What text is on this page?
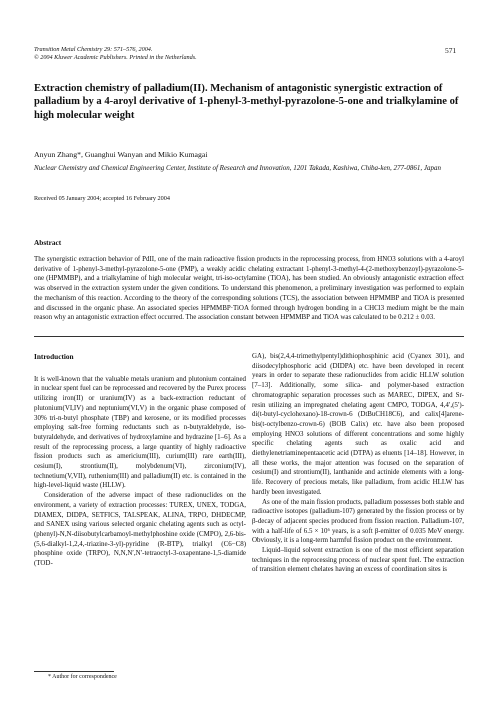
Transition Metal Chemistry 29: 571–576, 2004.
© 2004 Kluwer Academic Publishers. Printed in the Netherlands.
571
Extraction chemistry of palladium(II). Mechanism of antagonistic synergistic extraction of palladium by a 4-aroyl derivative of 1-phenyl-3-methyl-pyrazolone-5-one and trialkylamine of high molecular weight
Anyun Zhang*, Guanghui Wanyan and Mikio Kumagai
Nuclear Chemistry and Chemical Engineering Center, Institute of Research and Innovation, 1201 Takada, Kashiwa, Chiba-ken, 277-0861, Japan
Received 05 January 2004; accepted 16 February 2004
Abstract
The synergistic extraction behavior of PdII, one of the main radioactive fission products in the reprocessing process, from HNO3 solutions with a 4-aroyl derivative of 1-phenyl-3-methyl-pyrazolone-5-one (PMP), a weakly acidic chelating extractant 1-phenyl-3-methyl-4-(2-methoxybenzoyl)-pyrazolone-5-one (HPMMBP), and a trialkylamine of high molecular weight, tri-iso-octylamine (TiOA), has been studied. An obviously antagonistic extraction effect was observed in the extraction system under the given conditions. To understand this phenomenon, a preliminary investigation was performed to explain the mechanism of this reaction. According to the theory of the corresponding solutions (TCS), the association between HPMMBP and TiOA is presented and discussed in the organic phase. An associated species HPMMBP·TiOA formed through hydrogen bonding in a CHCl3 medium might be the main reason why an antagonistic extraction effect occurred. The association constant between HPMMBP and TiOA was calculated to be 0.212 ± 0.03.
Introduction

It is well-known that the valuable metals uranium and plutonium contained in nuclear spent fuel can be reprocessed and recovered by the Purex process utilizing iron(II) or uranium(IV) as a back-extraction reductant of plutonium(VI,IV) and neptunium(VI,V) in the organic phase composed of 30% tri-n-butyl phosphate (TBP) and kerosene, or its modified processes employing salt-free forming reductants such as n-butyraldehyde, iso-butyraldehyde, and derivatives of hydroxylamine and hydrazine [1–6]. As a result of the reprocessing process, a large quantity of highly radioactive fission products such as americium(III), curium(III) rare earth(III), cesium(I), strontium(II), molybdenum(VI), zirconium(IV), technetium(V,VII), ruthenium(III) and palladium(II) etc. is contained in the high-level-liquid waste (HLLW).

Consideration of the adverse impact of these radionuclides on the environment, a variety of extraction processes: TUREX, UNEX, TODGA, DIAMEX, DIDPA, SETFICS, TALSPEAK, ALINA, TRPO, DHDECMP, and SANEX using various selected organic chelating agents such as octyl-(phenyl)-N,N-diisobutylcarbamoyl-methylphoshine oxide (CMPO), 2,6-bis-(5,6-dialkyl-1,2,4,-triazine-3-yl)-pyridine (R-BTP), trialkyl (C6−C8) phosphine oxide (TRPO), N,N,N′,N′-tetraoctyl-3-oxapentane-1,5-diamide (TOD-

GA), bis(2,4,4-trimethylpentyl)dithiophosphinic acid (Cyanex 301), and diisodecylphosphoric acid (DIDPA) etc. have been developed in recent years in order to separate these radionuclides from acidic HLLW solution [7–13]. Additionally, some silica- and polymer-based extraction chromatographic separation processes such as MAREC, DIPEX, and Sr-resin utilizing an impregnated chelating agent CMPO, TODGA, 4,4′,(5′)-di(t-butyl-cyclohexano)-18-crown-6 (DtBuCH18C6), and calix[4]arene-bis(t-octylbenzo-crown-6) (BOB Calix) etc. have also been proposed employing HNO3 solutions of different concentrations and some highly specific chelating agents such as oxalic acid and diethylenetriaminepentaacetic acid (DTPA) as eluents [14–18]. However, in all these works, the major attention was focused on the separation of cesium(I) and strontium(II), lanthanide and actinide elements with a long-life. Recovery of precious metals, like palladium, from acidic HLLW has hardly been investigated.

As one of the main fission products, palladium possesses both stable and radioactive isotopes (palladium-107) generated by the fission process or by β-decay of adjacent species produced from fission reaction. Palladium-107, with a half-life of 6.5 × 10⁶ years, is a soft β-emitter of 0.035 MeV energy. Obviously, it is a long-term harmful fission product on the environment.

Liquid–liquid solvent extraction is one of the most efficient separation techniques in the reprocessing process of nuclear spent fuel. The extraction of transition element chelates having an excess of coordination sites is

* Author for correspondence
